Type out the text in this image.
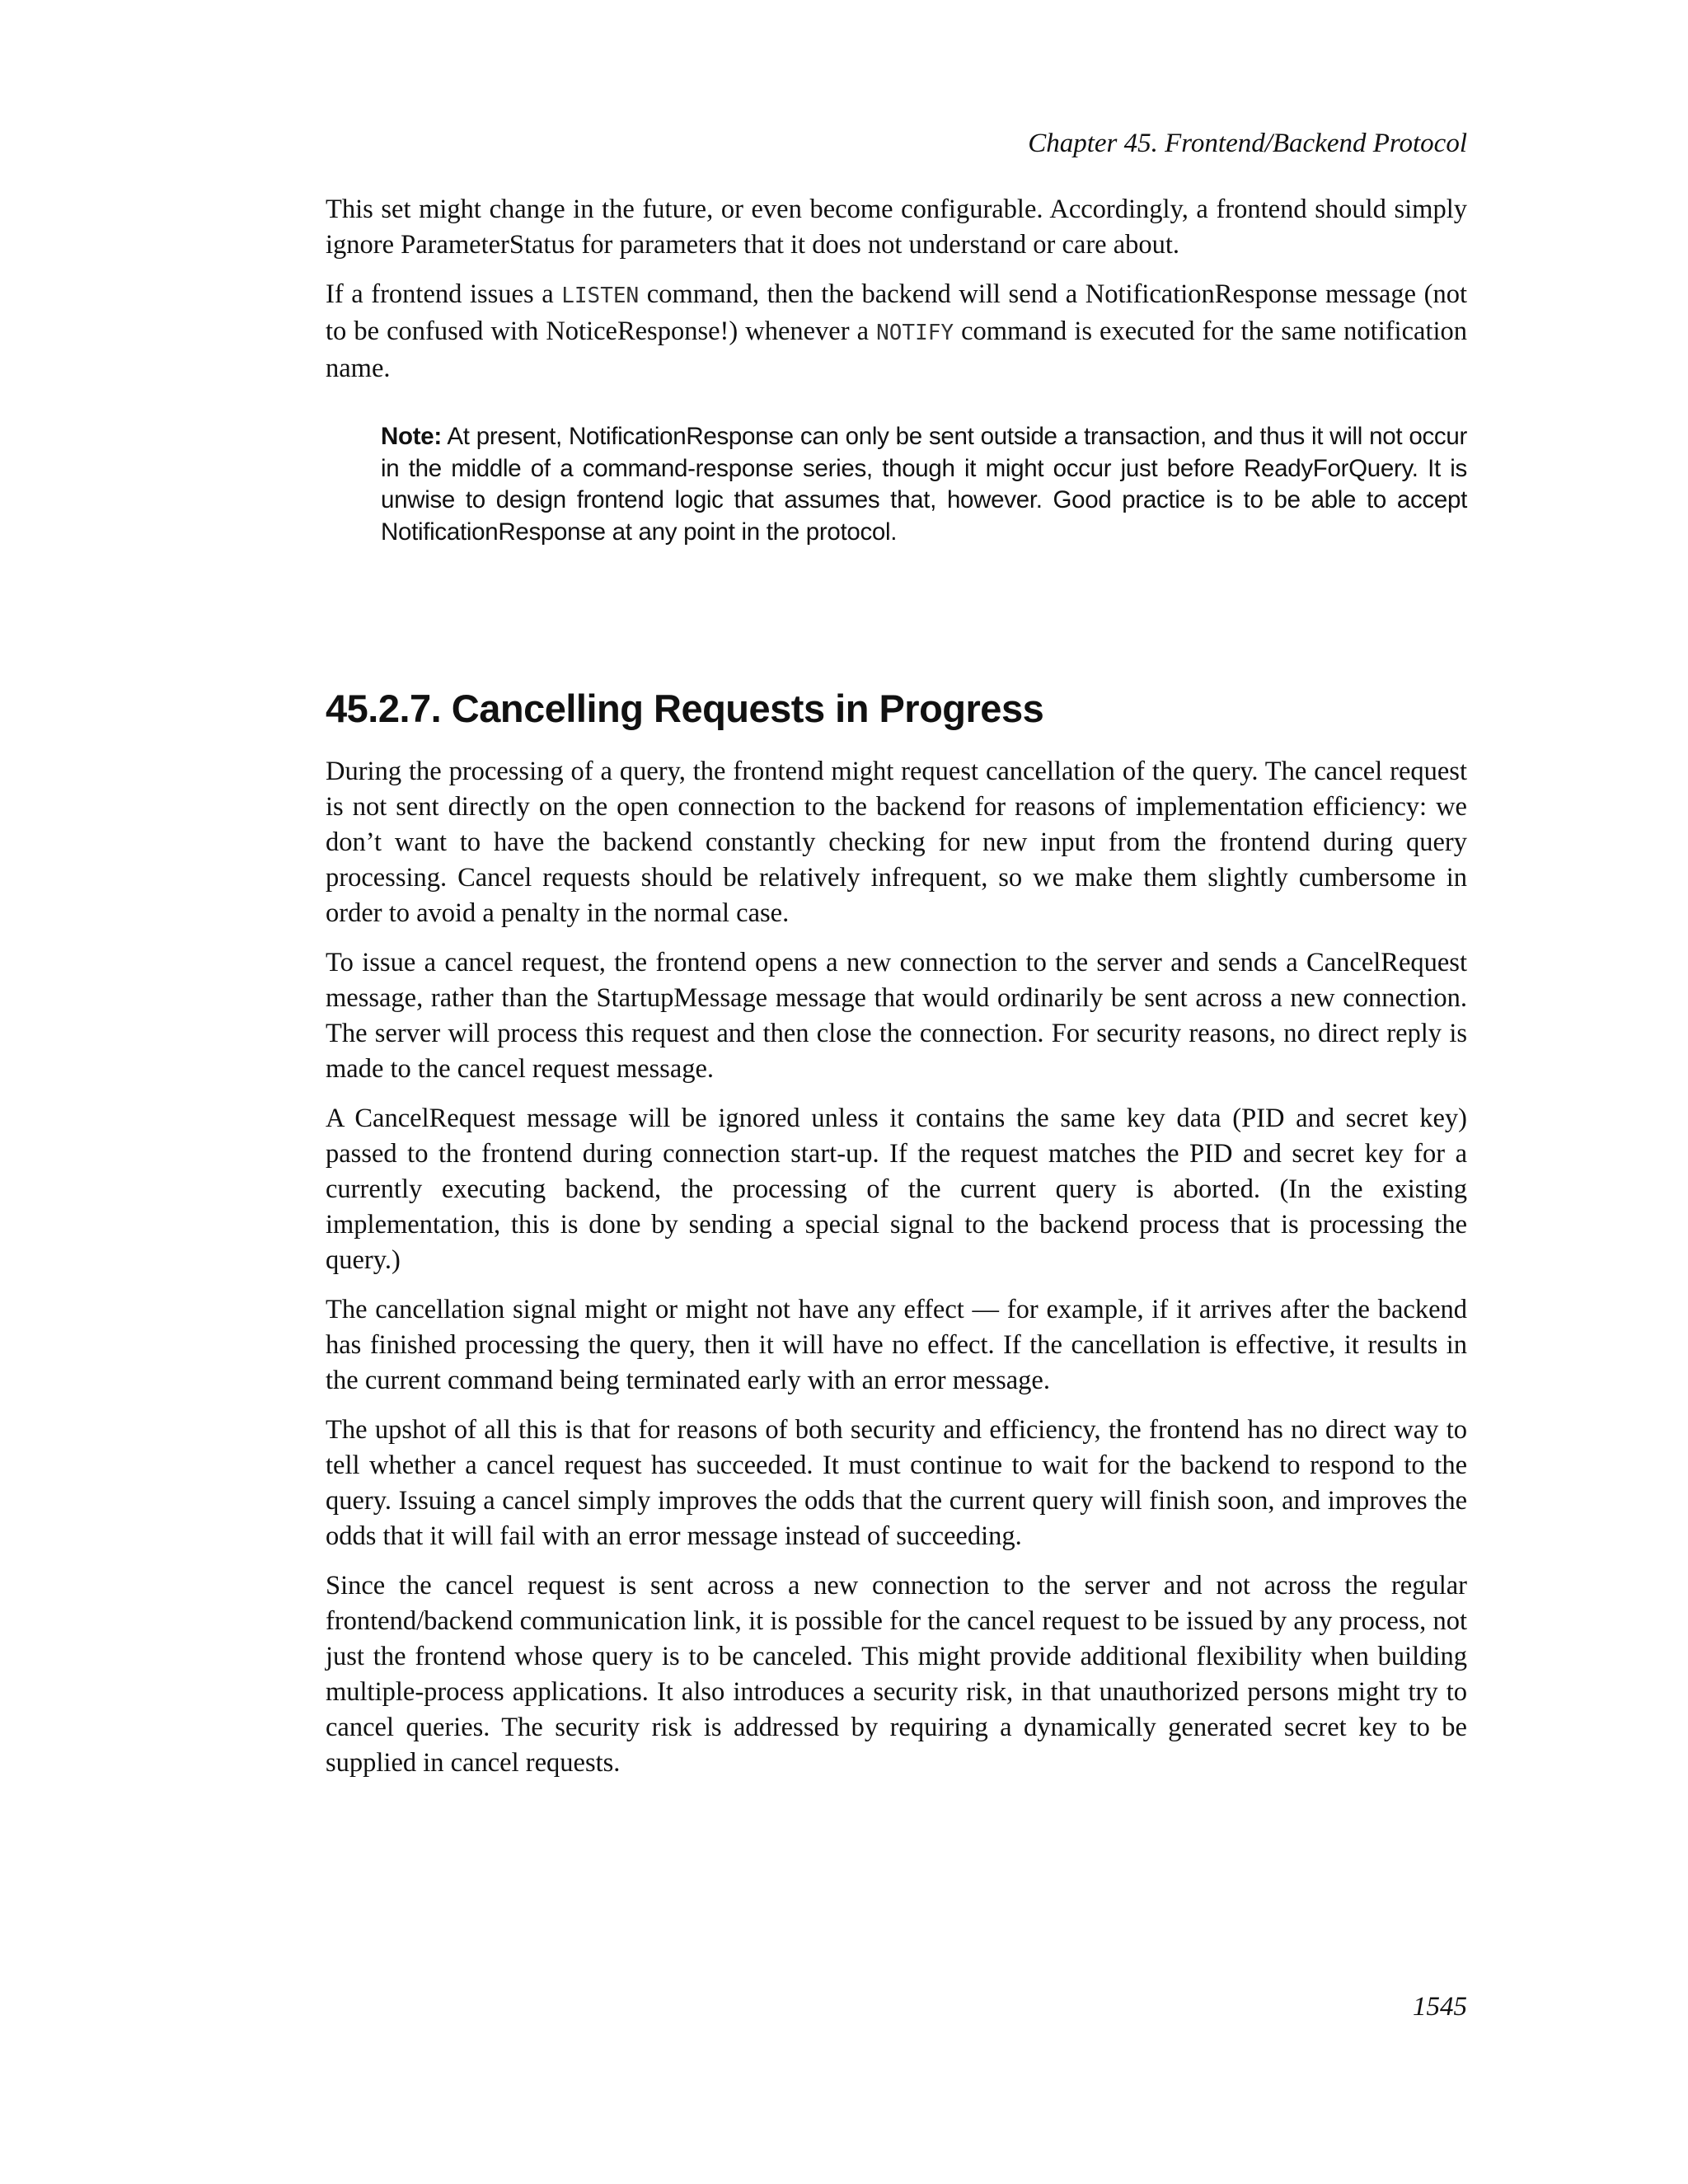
Chapter 45. Frontend/Backend Protocol

This set might change in the future, or even become configurable. Accordingly, a frontend should simply ignore ParameterStatus for parameters that it does not understand or care about.

If a frontend issues a LISTEN command, then the backend will send a NotificationResponse message (not to be confused with NoticeResponse!) whenever a NOTIFY command is executed for the same notification name.

Note: At present, NotificationResponse can only be sent outside a transaction, and thus it will not occur in the middle of a command-response series, though it might occur just before ReadyForQuery. It is unwise to design frontend logic that assumes that, however. Good practice is to be able to accept NotificationResponse at any point in the protocol.

45.2.7. Cancelling Requests in Progress

During the processing of a query, the frontend might request cancellation of the query. The cancel request is not sent directly on the open connection to the backend for reasons of implementation efficiency: we don’t want to have the backend constantly checking for new input from the frontend during query processing. Cancel requests should be relatively infrequent, so we make them slightly cumbersome in order to avoid a penalty in the normal case.

To issue a cancel request, the frontend opens a new connection to the server and sends a CancelRequest message, rather than the StartupMessage message that would ordinarily be sent across a new connection. The server will process this request and then close the connection. For security reasons, no direct reply is made to the cancel request message.

A CancelRequest message will be ignored unless it contains the same key data (PID and secret key) passed to the frontend during connection start-up. If the request matches the PID and secret key for a currently executing backend, the processing of the current query is aborted. (In the existing implementation, this is done by sending a special signal to the backend process that is processing the query.)

The cancellation signal might or might not have any effect — for example, if it arrives after the backend has finished processing the query, then it will have no effect. If the cancellation is effective, it results in the current command being terminated early with an error message.

The upshot of all this is that for reasons of both security and efficiency, the frontend has no direct way to tell whether a cancel request has succeeded. It must continue to wait for the backend to respond to the query. Issuing a cancel simply improves the odds that the current query will finish soon, and improves the odds that it will fail with an error message instead of succeeding.

Since the cancel request is sent across a new connection to the server and not across the regular frontend/backend communication link, it is possible for the cancel request to be issued by any process, not just the frontend whose query is to be canceled. This might provide additional flexibility when building multiple-process applications. It also introduces a security risk, in that unauthorized persons might try to cancel queries. The security risk is addressed by requiring a dynamically generated secret key to be supplied in cancel requests.

1545
